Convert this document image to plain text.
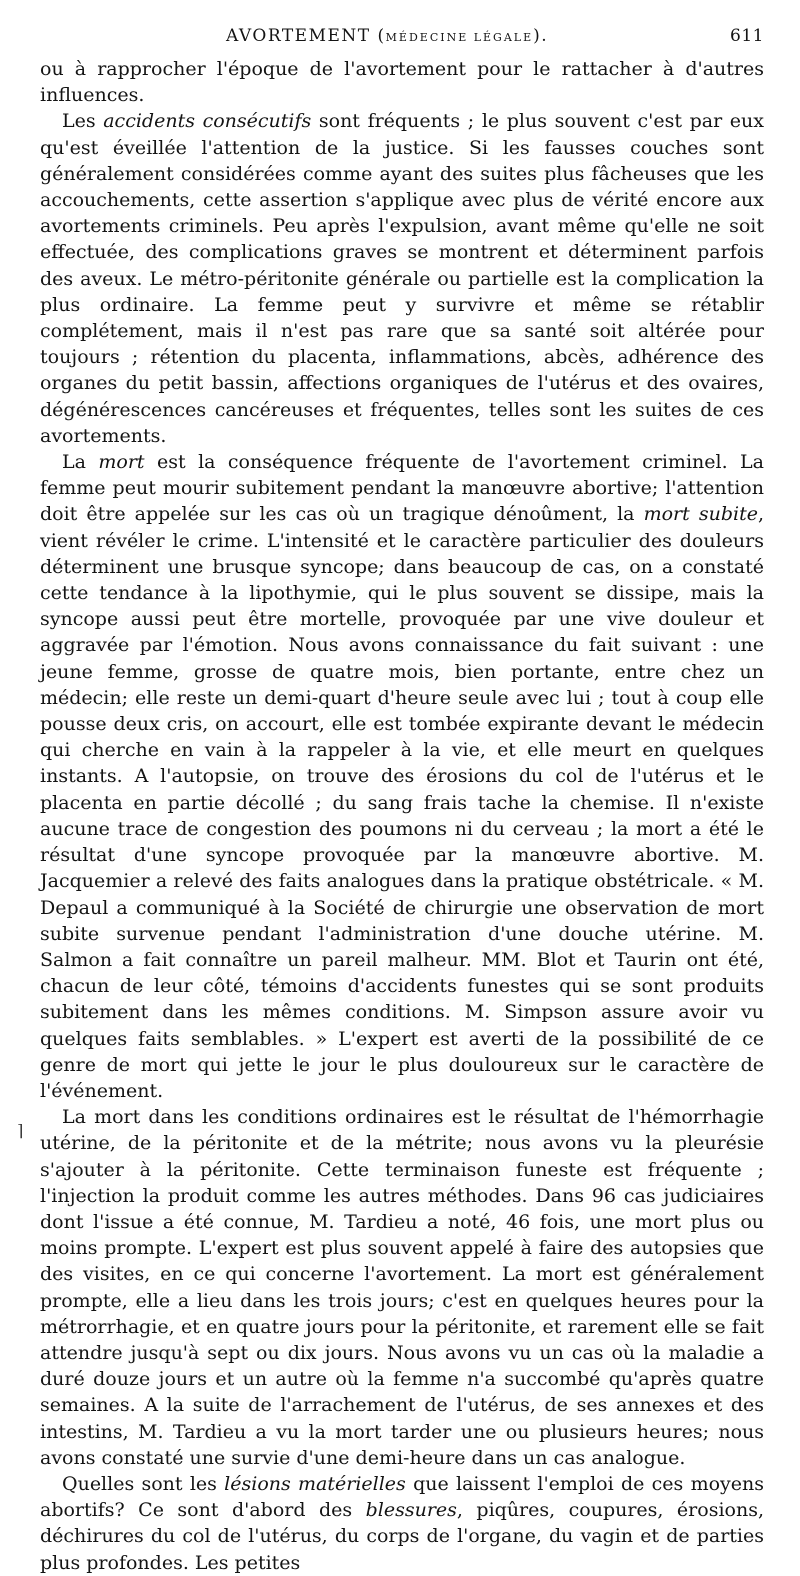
AVORTEMENT (MÉDECINE LÉGALE).	611

ou à rapprocher l'époque de l'avortement pour le rattacher à d'autres influences.

Les accidents consécutifs sont fréquents ; le plus souvent c'est par eux qu'est éveillée l'attention de la justice. Si les fausses couches sont généralement considérées comme ayant des suites plus fâcheuses que les accouchements, cette assertion s'applique avec plus de vérité encore aux avortements criminels. Peu après l'expulsion, avant même qu'elle ne soit effectuée, des complications graves se montrent et déterminent parfois des aveux. Le métro-péritonite générale ou partielle est la complication la plus ordinaire. La femme peut y survivre et même se rétablir complétement, mais il n'est pas rare que sa santé soit altérée pour toujours ; rétention du placenta, inflammations, abcès, adhérence des organes du petit bassin, affections organiques de l'utérus et des ovaires, dégénérescences cancéreuses et fréquentes, telles sont les suites de ces avortements.

La mort est la conséquence fréquente de l'avortement criminel. La femme peut mourir subitement pendant la manœuvre abortive; l'attention doit être appelée sur les cas où un tragique dénoûment, la mort subite, vient révéler le crime. L'intensité et le caractère particulier des douleurs déterminent une brusque syncope; dans beaucoup de cas, on a constaté cette tendance à la lipothymie, qui le plus souvent se dissipe, mais la syncope aussi peut être mortelle, provoquée par une vive douleur et aggravée par l'émotion. Nous avons connaissance du fait suivant : une jeune femme, grosse de quatre mois, bien portante, entre chez un médecin; elle reste un demi-quart d'heure seule avec lui ; tout à coup elle pousse deux cris, on accourt, elle est tombée expirante devant le médecin qui cherche en vain à la rappeler à la vie, et elle meurt en quelques instants. A l'autopsie, on trouve des érosions du col de l'utérus et le placenta en partie décollé ; du sang frais tache la chemise. Il n'existe aucune trace de congestion des poumons ni du cerveau ; la mort a été le résultat d'une syncope provoquée par la manœuvre abortive. M. Jacquemier a relevé des faits analogues dans la pratique obstétricale. « M. Depaul a communiqué à la Société de chirurgie une observation de mort subite survenue pendant l'administration d'une douche utérine. M. Salmon a fait connaître un pareil malheur. MM. Blot et Taurin ont été, chacun de leur côté, témoins d'accidents funestes qui se sont produits subitement dans les mêmes conditions. M. Simpson assure avoir vu quelques faits semblables. » L'expert est averti de la possibilité de ce genre de mort qui jette le jour le plus douloureux sur le caractère de l'événement.

La mort dans les conditions ordinaires est le résultat de l'hémorrhagie utérine, de la péritonite et de la métrite; nous avons vu la pleurésie s'ajouter à la péritonite. Cette terminaison funeste est fréquente ; l'injection la produit comme les autres méthodes. Dans 96 cas judiciaires dont l'issue a été connue, M. Tardieu a noté, 46 fois, une mort plus ou moins prompte. L'expert est plus souvent appelé à faire des autopsies que des visites, en ce qui concerne l'avortement. La mort est généralement prompte, elle a lieu dans les trois jours; c'est en quelques heures pour la métrorrhagie, et en quatre jours pour la péritonite, et rarement elle se fait attendre jusqu'à sept ou dix jours. Nous avons vu un cas où la maladie a duré douze jours et un autre où la femme n'a succombé qu'après quatre semaines. A la suite de l'arrachement de l'utérus, de ses annexes et des intestins, M. Tardieu a vu la mort tarder une ou plusieurs heures; nous avons constaté une survie d'une demi-heure dans un cas analogue.

Quelles sont les lésions matérielles que laissent l'emploi de ces moyens abortifs? Ce sont d'abord des blessures, piqûres, coupures, érosions, déchirures du col de l'utérus, du corps de l'organe, du vagin et de parties plus profondes. Les petites

⌉
